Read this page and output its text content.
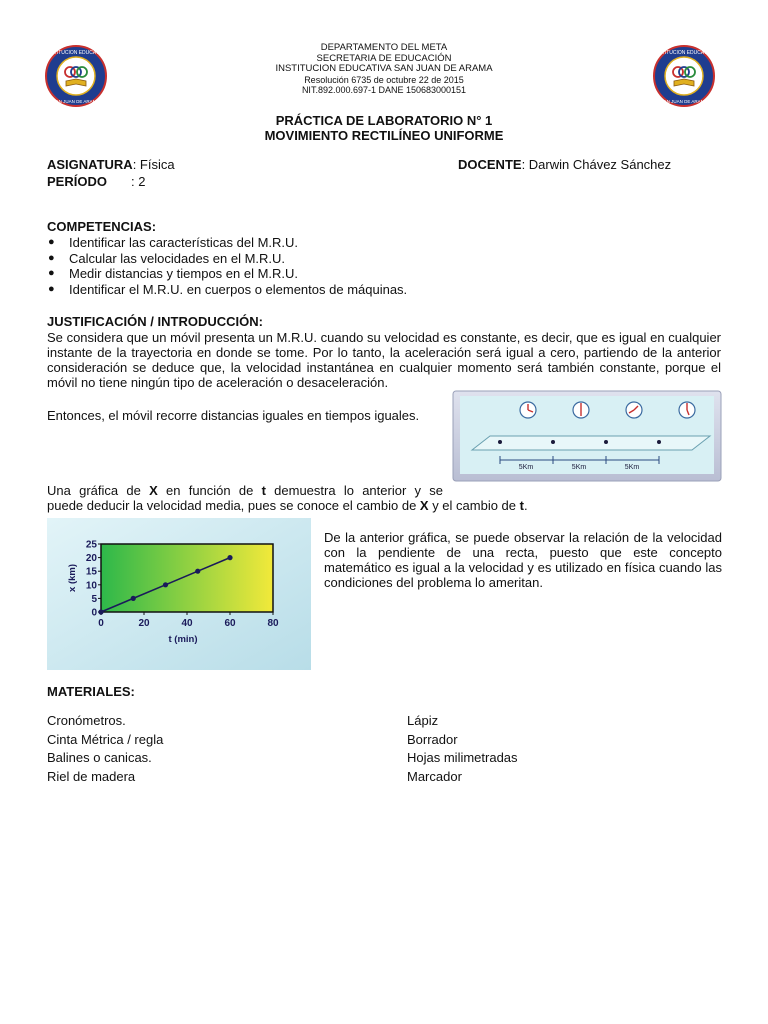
INSTITUCION EDUCATIVA
SAN JUAN DE ARAMA
INSTITUCION EDUCATIVA
SAN JUAN DE ARAMA
DEPARTAMENTO DEL META
SECRETARIA DE EDUCACIÓN
INSTITUCION EDUCATIVA SAN JUAN DE ARAMA
Resolución 6735 de octubre 22 de 2015
NIT.892.000.697-1 DANE 150683000151
PRÁCTICA DE LABORATORIO N° 1
MOVIMIENTO RECTILÍNEO UNIFORME
ASIGNATURA: Física	DOCENTE: Darwin Chávez Sánchez
PERÍODO : 2
COMPETENCIAS:
● Identificar las características del M.R.U.
● Calcular las velocidades en el M.R.U.
● Medir distancias y tiempos en el M.R.U.
● Identificar el M.R.U. en cuerpos o elementos de máquinas.
JUSTIFICACIÓN / INTRODUCCIÓN:
Se considera que un móvil presenta un M.R.U. cuando su velocidad es constante, es decir, que es igual en cualquier instante de la trayectoria en donde se tome. Por lo tanto, la aceleración será igual a cero, partiendo de la anterior consideración se deduce que, la velocidad instantánea en cualquier momento será también constante, porque el móvil no tiene ningún tipo de aceleración o desaceleración.
Entonces, el móvil recorre distancias iguales en tiempos iguales.
5Km	5Km	5Km
Una gráfica de X en función de t demuestra lo anterior y se
puede deducir la velocidad media, pues se conoce el cambio de X y el cambio de t.
0	20	40	60	80
0
5
10
15
20
25
t (min)
x (km)
De la anterior gráfica, se puede observar la relación de la velocidad con la pendiente de una recta, puesto que este concepto matemático es igual a la velocidad y es utilizado en física cuando las condiciones del problema lo ameritan.
MATERIALES:
Cronómetros.
Cinta Métrica / regla
Balines o canicas.
Riel de madera
Lápiz
Borrador
Hojas milimetradas
Marcador
